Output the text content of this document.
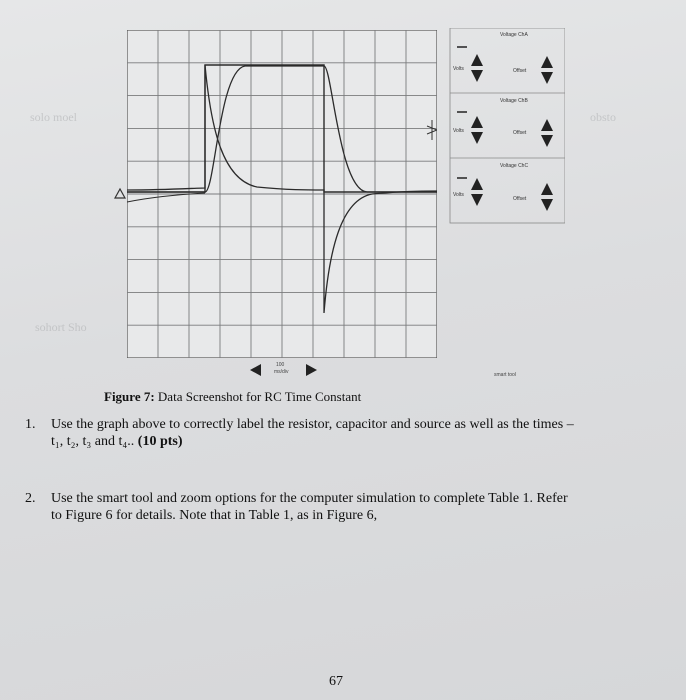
solo moel	obsto
sohort Sho
Voltage ChA
Volts	Offset
Voltage ChB
Volts	Offset
Voltage ChC
Volts
Offset
100
ms/div	smart tool
Figure 7: Data Screenshot for RC Time Constant
1. Use the graph above to correctly label the resistor, capacitor and source as well as the times –
t₁, t₂, t₃ and t₄.. (10 pts)
2. Use the smart tool and zoom options for the computer simulation to complete Table 1. Refer
to Figure 6 for details. Note that in Table 1, as in Figure 6,
67
